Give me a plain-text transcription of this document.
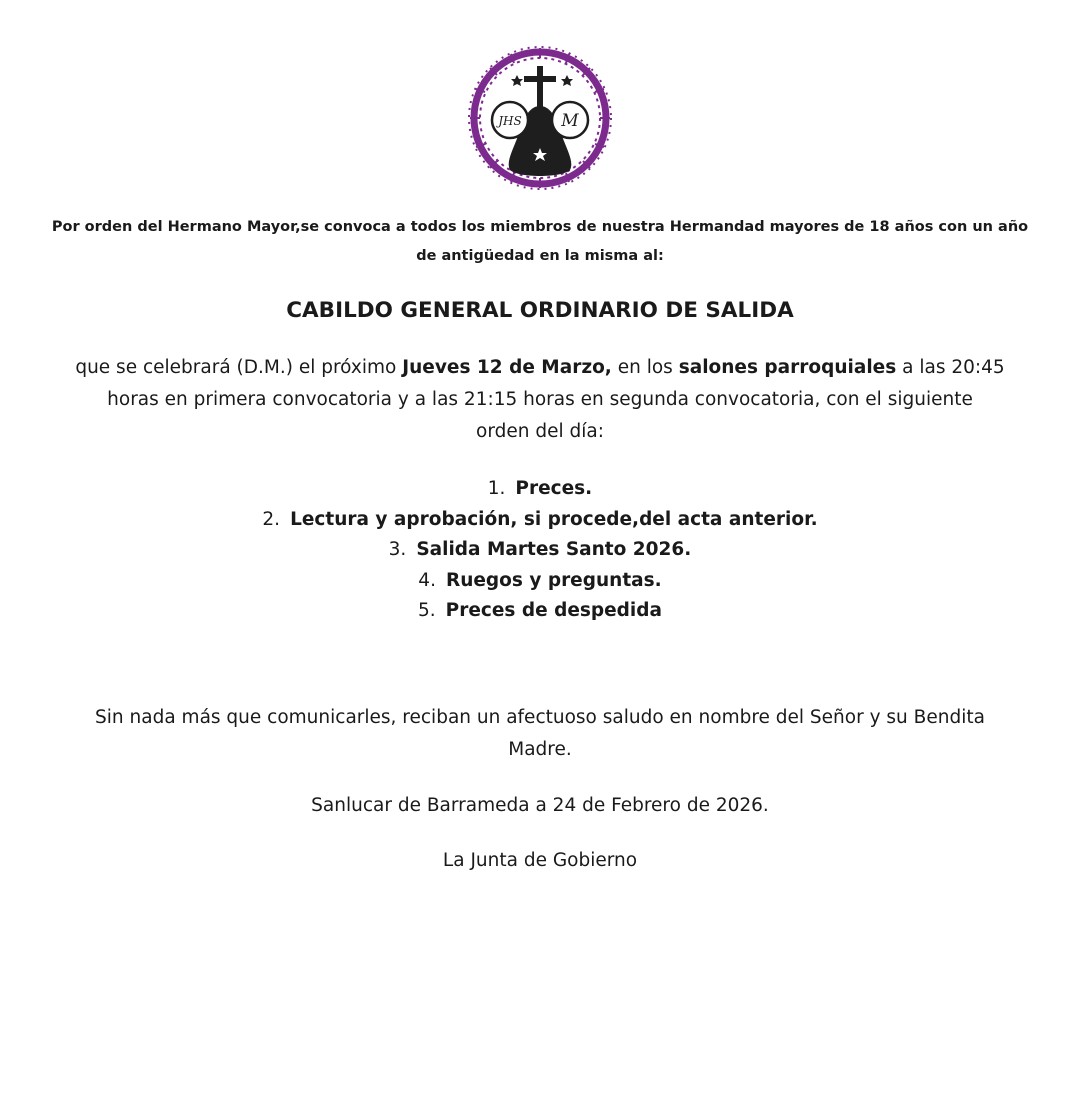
JHS M
Por orden del Hermano Mayor,se convoca a todos los miembros de nuestra Hermandad mayores de 18 años con un año
de antigüedad en la misma al:
CABILDO GENERAL ORDINARIO DE SALIDA
que se celebrará (D.M.) el próximo Jueves 12 de Marzo, en los salones parroquiales a las 20:45
horas en primera convocatoria y a las 21:15 horas en segunda convocatoria, con el siguiente
orden del día:
1. Preces.
2. Lectura y aprobación, si procede,del acta anterior.
3. Salida Martes Santo 2026.
4. Ruegos y preguntas.
5. Preces de despedida
Sin nada más que comunicarles, reciban un afectuoso saludo en nombre del Señor y su Bendita
Madre.
Sanlucar de Barrameda a 24 de Febrero de 2026.
La Junta de Gobierno
